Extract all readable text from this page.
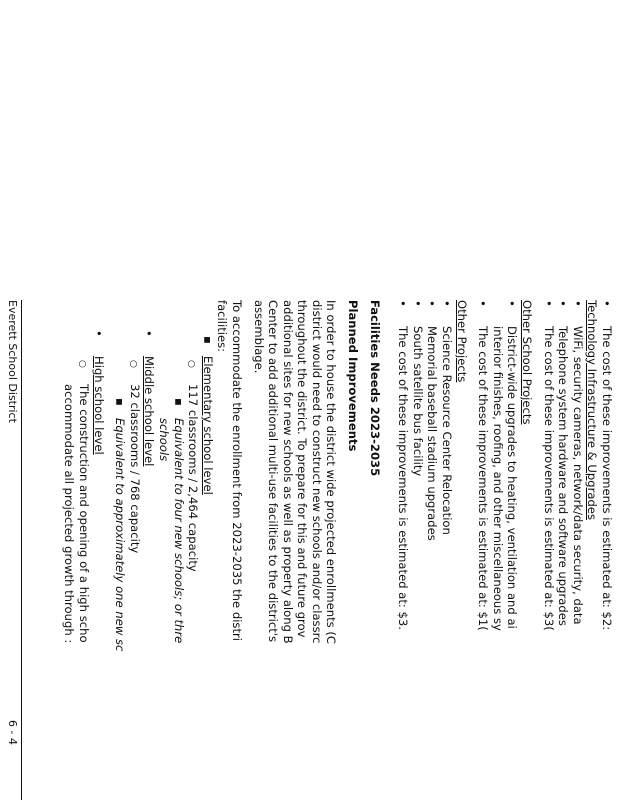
• The cost of these improvements is estimated at: $2:
Technology Infrastructure & Upgrades
• WiFi, security cameras, network/data security, data
• Telephone system hardware and software upgrades
• The cost of these improvements is estimated at: $3(
Other School Projects
• District-wide upgrades to heating, ventilation and ai
interior finishes, roofing, and other miscellaneous sy
• The cost of these improvements is estimated at: $1(
Other Projects
• Science Resource Center Relocation
• Memorial baseball stadium upgrades
• South satellite bus facility
• The cost of these improvements is estimated at: $3.
Facilities Needs 2023-2035
Planned Improvements
In order to house the district wide projected enrollments (C
district would need to construct new schools and/or classrc
throughout the district. To prepare for this and future grov
additional sites for new schools as well as property along B
Center to add additional multi-use facilities to the district's
assemblage.
To accommodate the enrollment from 2023-2035 the distri
facilities:
▪ Elementary school level
○ 117 classrooms / 2,464 capacity
▪ Equivalent to four new schools; or thre
schools
• Middle school level
○ 32 classrooms / 768 capacity
▪ Equivalent to approximately one new sc
• High school level
○ The construction and opening of a high scho
accommodate all projected growth through :
Everett School District
6 - 4
